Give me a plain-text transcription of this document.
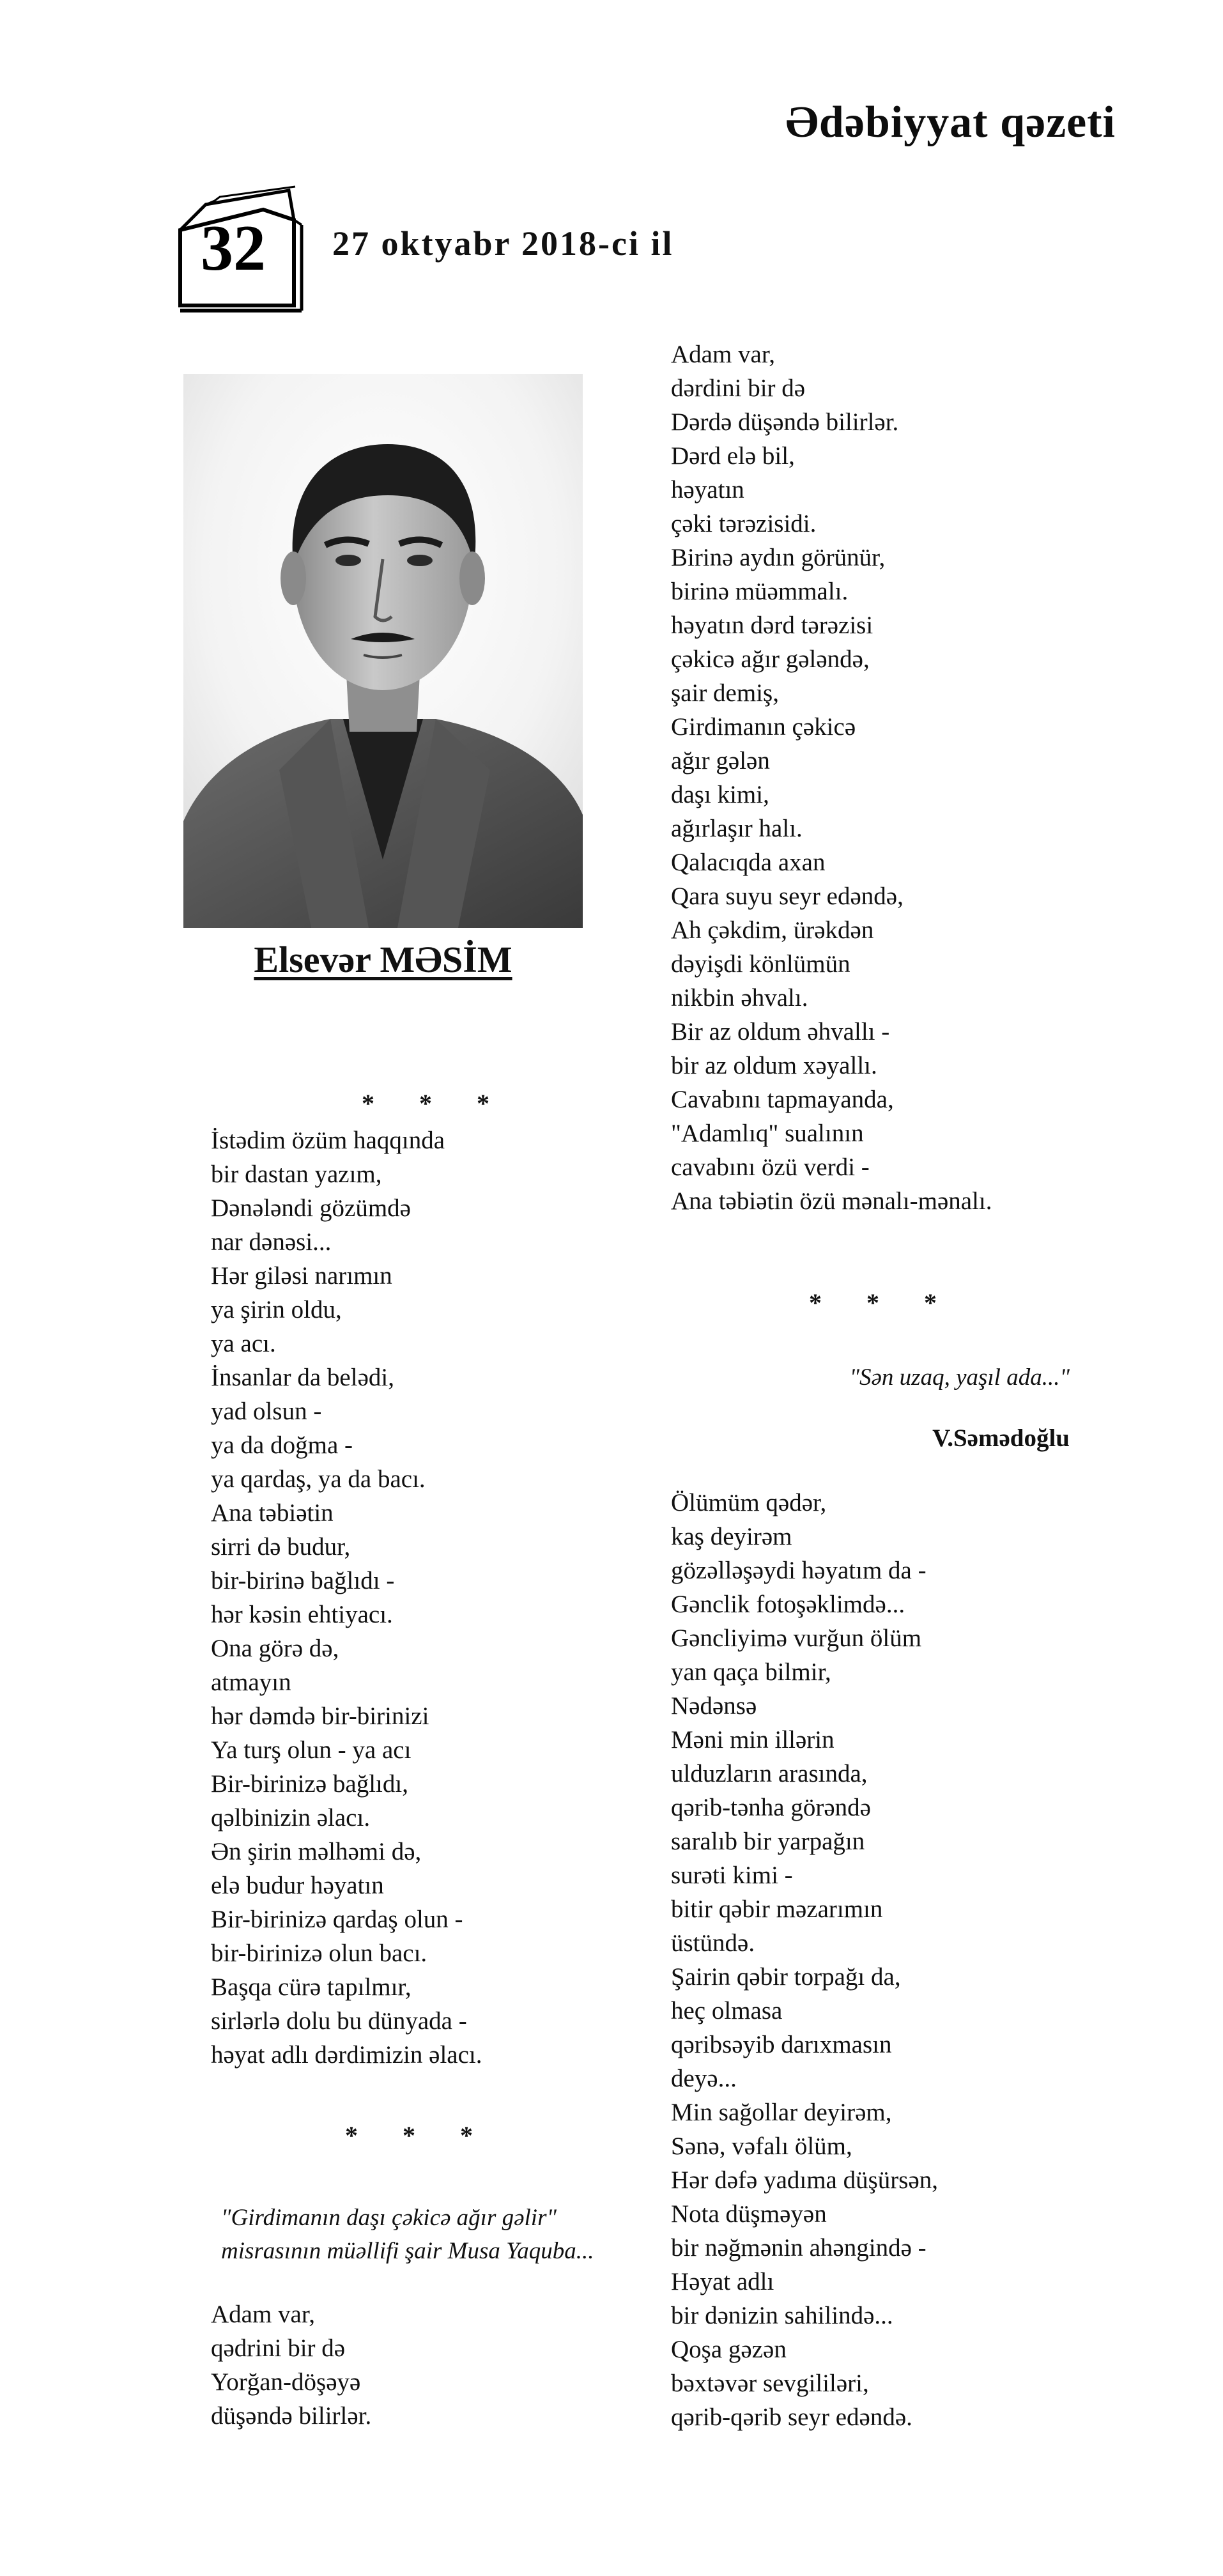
Ədəbiyyat qəzeti
32 27 oktyabr 2018-ci il
Elsevər MƏSİM
* * *
İstədim özüm haqqında
bir dastan yazım,
Dənələndi gözümdə
nar dənəsi...
Hər giləsi narımın
ya şirin oldu,
ya acı.
İnsanlar da belədi,
yad olsun -
ya da doğma -
ya qardaş, ya da bacı.
Ana təbiətin
sirri də budur,
bir-birinə bağlıdı -
hər kəsin ehtiyacı.
Ona görə də,
atmayın
hər dəmdə bir-birinizi
Ya turş olun - ya acı
Bir-birinizə bağlıdı,
qəlbinizin əlacı.
Ən şirin məlhəmi də,
elə budur həyatın
Bir-birinizə qardaş olun -
bir-birinizə olun bacı.
Başqa cürə tapılmır,
sirlərlə dolu bu dünyada -
həyat adlı dərdimizin əlacı.
* * *
"Girdimanın daşı çəkicə ağır gəlir"
misrasının müəllifi şair Musa Yaquba...
Adam var,
qədrini bir də
Yorğan-döşəyə
düşəndə bilirlər.
Adam var,
dərdini bir də
Dərdə düşəndə bilirlər.
Dərd elə bil,
həyatın
çəki tərəzisidi.
Birinə aydın görünür,
birinə müəmmalı.
həyatın dərd tərəzisi
çəkicə ağır gələndə,
şair demiş,
Girdimanın çəkicə
ağır gələn
daşı kimi,
ağırlaşır halı.
Qalacıqda axan
Qara suyu seyr edəndə,
Ah çəkdim, ürəkdən
dəyişdi könlümün
nikbin əhvalı.
Bir az oldum əhvallı -
bir az oldum xəyallı.
Cavabını tapmayanda,
"Adamlıq" sualının
cavabını özü verdi -
Ana təbiətin özü mənalı-mənalı.
* * *
"Sən uzaq, yaşıl ada..."
V.Səmədoğlu
Ölümüm qədər,
kaş deyirəm
gözəlləşəydi həyatım da -
Gənclik fotoşəklimdə...
Gəncliyimə vurğun ölüm
yan qaça bilmir,
Nədənsə
Məni min illərin
ulduzların arasında,
qərib-tənha görəndə
saralıb bir yarpağın
surəti kimi -
bitir qəbir məzarımın
üstündə.
Şairin qəbir torpağı da,
heç olmasa
qəribsəyib darıxmasın
deyə...
Min sağollar deyirəm,
Sənə, vəfalı ölüm,
Hər dəfə yadıma düşürsən,
Nota düşməyən
bir nəğmənin ahəngində -
Həyat adlı
bir dənizin sahilində...
Qoşa gəzən
bəxtəvər sevgililəri,
qərib-qərib seyr edəndə.
